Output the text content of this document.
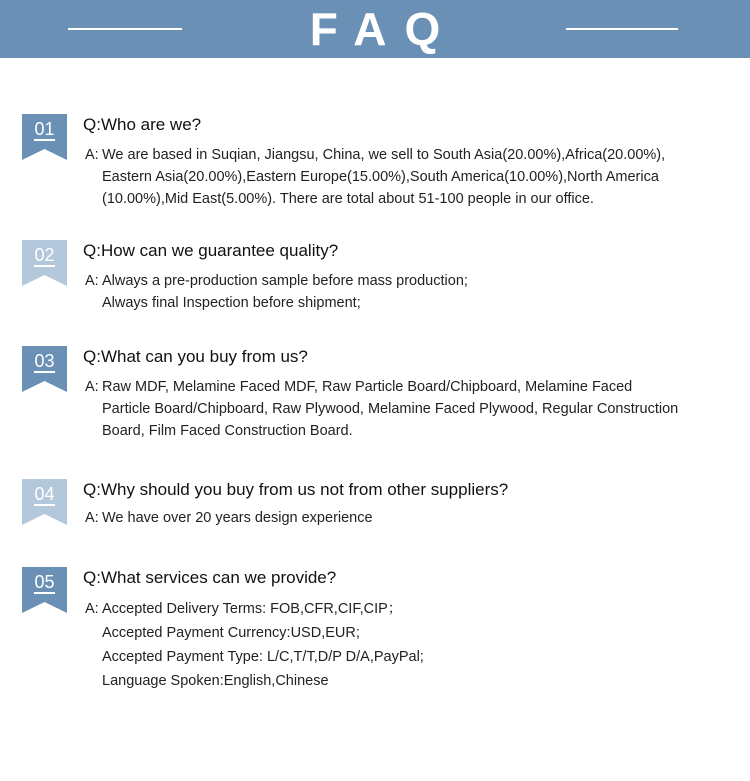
FAQ
01	Q:Who are we?
A: We are based in Suqian, Jiangsu, China, we sell to South Asia(20.00%),Africa(20.00%),
Eastern Asia(20.00%),Eastern Europe(15.00%),South America(10.00%),North America
(10.00%),Mid East(5.00%). There are total about 51-100 people in our office.
02	Q:How can we guarantee quality?
A: Always a pre-production sample before mass production;
Always final Inspection before shipment;
03	Q:What can you buy from us?
A: Raw MDF, Melamine Faced MDF, Raw Particle Board/Chipboard, Melamine Faced
Particle Board/Chipboard, Raw Plywood, Melamine Faced Plywood, Regular Construction
Board, Film Faced Construction Board.
04	Q:Why should you buy from us not from other suppliers?
A: We have over 20 years design experience
05	Q:What services can we provide?
A: Accepted Delivery Terms: FOB,CFR,CIF,CIP；
Accepted Payment Currency:USD,EUR;
Accepted Payment Type: L/C,T/T,D/P D/A,PayPal;
Language Spoken:English,Chinese
